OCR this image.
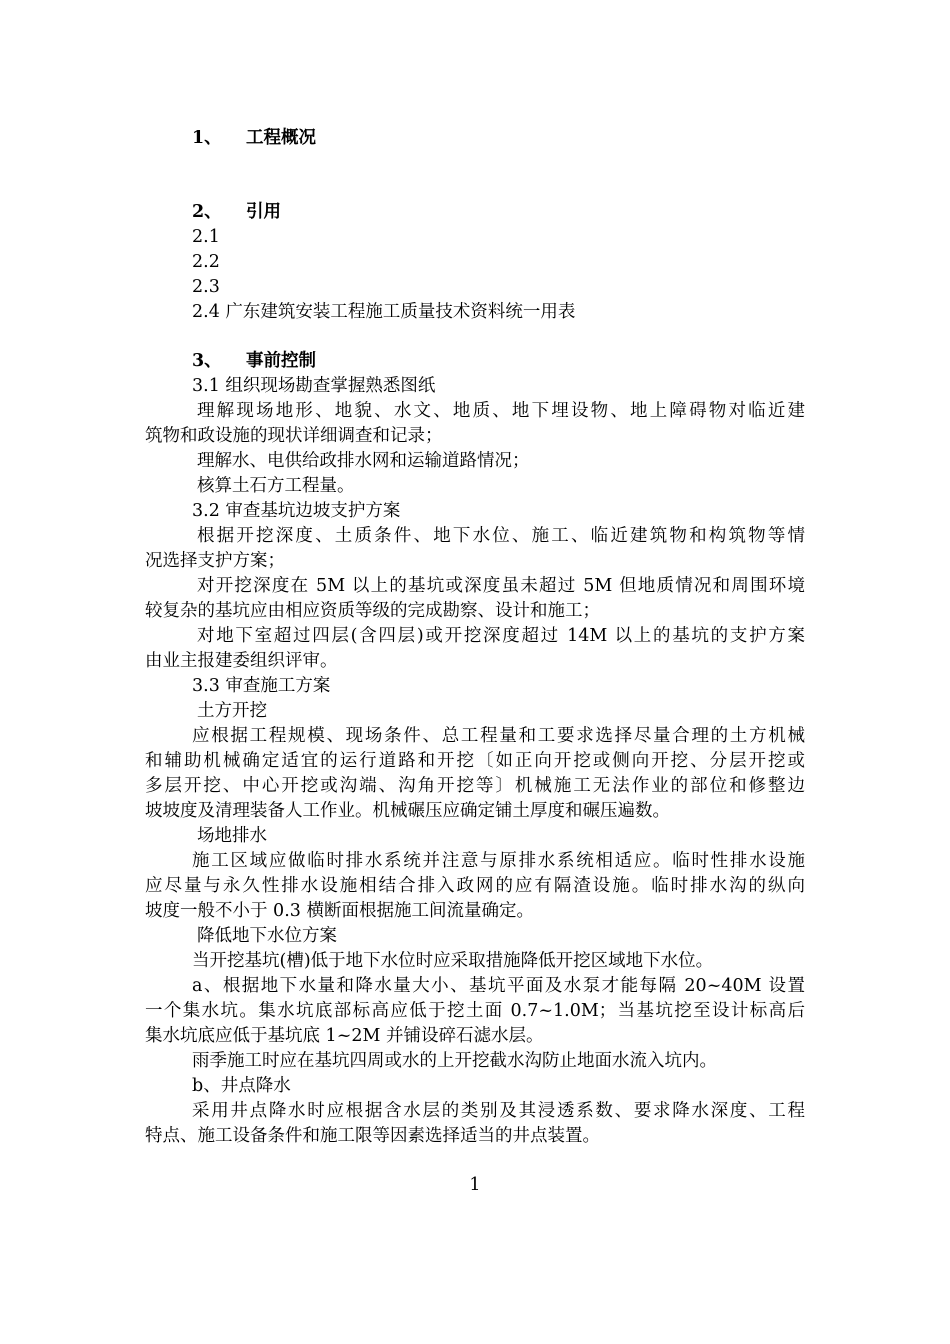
1、 工程概况
2、 引用
2.1
2.2
2.3
2.4 广东建筑安装工程施工质量技术资料统一用表
3、 事前控制
3.1 组织现场勘查掌握熟悉图纸
理解现场地形、地貌、水文、地质、地下埋设物、地上障碍物对临近建
筑物和政设施的现状详细调查和记录；
理解水、电供给政排水网和运输道路情况；
核算土石方工程量。
3.2 审查基坑边坡支护方案
根据开挖深度、土质条件、地下水位、施工、临近建筑物和构筑物等情
况选择支护方案；
对开挖深度在 5M 以上的基坑或深度虽未超过 5M 但地质情况和周围环境
较复杂的基坑应由相应资质等级的完成勘察、设计和施工；
对地下室超过四层(含四层)或开挖深度超过 14M 以上的基坑的支护方案
由业主报建委组织评审。
3.3 审查施工方案
土方开挖
应根据工程规模、现场条件、总工程量和工要求选择尽量合理的土方机械
和辅助机械确定适宜的运行道路和开挖〔如正向开挖或侧向开挖、分层开挖或
多层开挖、中心开挖或沟端、沟角开挖等〕机械施工无法作业的部位和修整边
坡坡度及清理装备人工作业。机械碾压应确定铺土厚度和碾压遍数。
场地排水
施工区域应做临时排水系统并注意与原排水系统相适应。临时性排水设施
应尽量与永久性排水设施相结合排入政网的应有隔渣设施。临时排水沟的纵向
坡度一般不小于 0.3 横断面根据施工间流量确定。
降低地下水位方案
当开挖基坑(槽)低于地下水位时应采取措施降低开挖区域地下水位。
a、根据地下水量和降水量大小、基坑平面及水泵才能每隔 20~40M 设置
一个集水坑。集水坑底部标高应低于挖土面 0.7~1.0M；当基坑挖至设计标高后
集水坑底应低于基坑底 1~2M 并铺设碎石滤水层。
雨季施工时应在基坑四周或水的上开挖截水沟防止地面水流入坑内。
b、井点降水
采用井点降水时应根据含水层的类别及其浸透系数、要求降水深度、工程
特点、施工设备条件和施工限等因素选择适当的井点装置。
1
